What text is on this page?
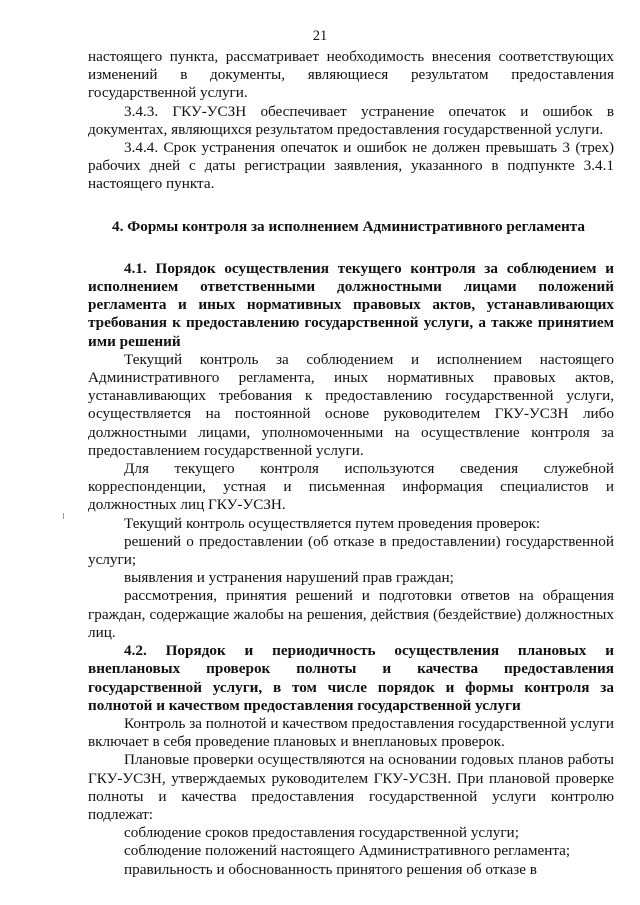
21

настоящего пункта, рассматривает необходимость внесения соответствующих изменений в документы, являющиеся результатом предоставления государственной услуги.

3.4.3. ГКУ-УСЗН обеспечивает устранение опечаток и ошибок в документах, являющихся результатом предоставления государственной услуги.

3.4.4. Срок устранения опечаток и ошибок не должен превышать 3 (трех) рабочих дней с даты регистрации заявления, указанного в подпункте 3.4.1 настоящего пункта.

4. Формы контроля за исполнением Административного регламента

4.1. Порядок осуществления текущего контроля за соблюдением и исполнением ответственными должностными лицами положений регламента и иных нормативных правовых актов, устанавливающих требования к предоставлению государственной услуги, а также принятием ими решений

Текущий контроль за соблюдением и исполнением настоящего Административного регламента, иных нормативных правовых актов, устанавливающих требования к предоставлению государственной услуги, осуществляется на постоянной основе руководителем ГКУ-УСЗН либо должностными лицами, уполномоченными на осуществление контроля за предоставлением государственной услуги.

Для текущего контроля используются сведения служебной корреспонденции, устная и письменная информация специалистов и должностных лиц ГКУ-УСЗН.

Текущий контроль осуществляется путем проведения проверок:

решений о предоставлении (об отказе в предоставлении) государственной услуги;

выявления и устранения нарушений прав граждан;

рассмотрения, принятия решений и подготовки ответов на обращения граждан, содержащие жалобы на решения, действия (бездействие) должностных лиц.

4.2. Порядок и периодичность осуществления плановых и внеплановых проверок полноты и качества предоставления государственной услуги, в том числе порядок и формы контроля за полнотой и качеством предоставления государственной услуги

Контроль за полнотой и качеством предоставления государственной услуги включает в себя проведение плановых и внеплановых проверок.

Плановые проверки осуществляются на основании годовых планов работы ГКУ-УСЗН, утверждаемых руководителем ГКУ-УСЗН. При плановой проверке полноты и качества предоставления государственной услуги контролю подлежат:

соблюдение сроков предоставления государственной услуги;

соблюдение положений настоящего Административного регламента;

правильность и обоснованность принятого решения об отказе в
